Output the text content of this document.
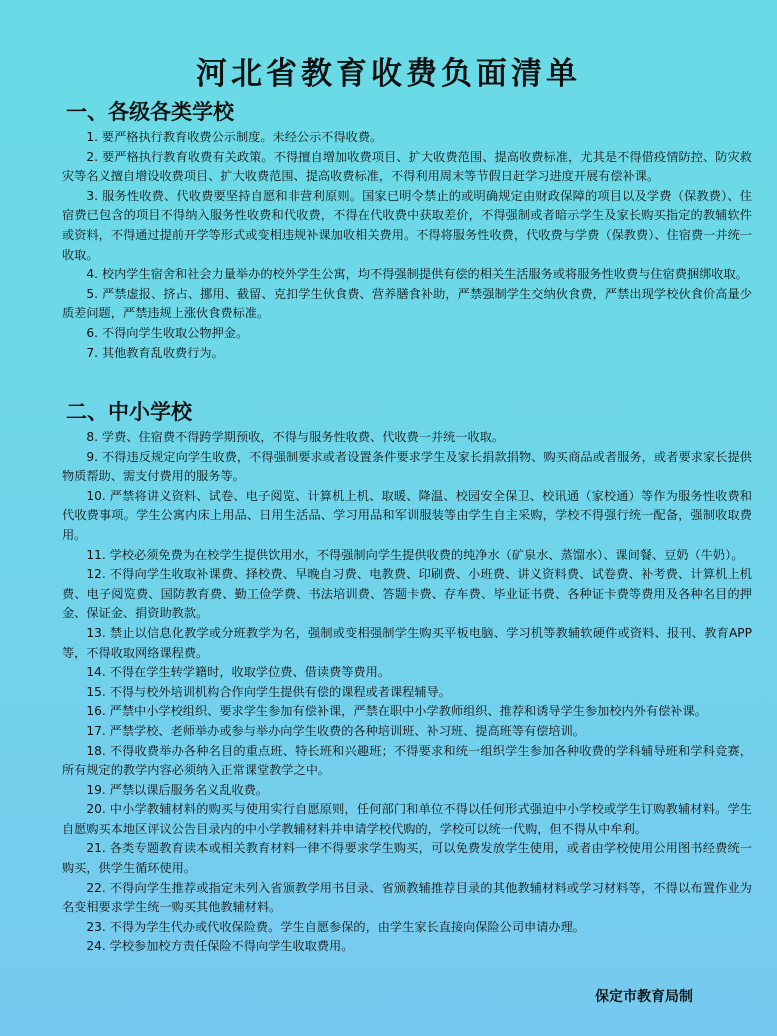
河北省教育收费负面清单
一、各级各类学校

1. 要严格执行教育收费公示制度。未经公示不得收费。

2. 要严格执行教育收费有关政策。不得擅自增加收费项目、扩大收费范围、提高收费标准，尤其是不得借疫情防控、防灾救灾等名义擅自增设收费项目、扩大收费范围、提高收费标准，不得利用周末等节假日赶学习进度开展有偿补课。

3. 服务性收费、代收费要坚持自愿和非营利原则。国家已明令禁止的或明确规定由财政保障的项目以及学费（保教费）、住宿费已包含的项目不得纳入服务性收费和代收费，不得在代收费中获取差价，不得强制或者暗示学生及家长购买指定的教辅软件或资料，不得通过提前开学等形式或变相违规补课加收相关费用。不得将服务性收费，代收费与学费（保教费）、住宿费一并统一收取。

4. 校内学生宿舍和社会力量举办的校外学生公寓，均不得强制提供有偿的相关生活服务或将服务性收费与住宿费捆绑收取。

5. 严禁虚报、挤占、挪用、截留、克扣学生伙食费、营养膳食补助，严禁强制学生交纳伙食费，严禁出现学校伙食价高量少质差问题，严禁违规上涨伙食费标准。

6. 不得向学生收取公物押金。

7. 其他教育乱收费行为。

二、中小学校

8. 学费、住宿费不得跨学期预收，不得与服务性收费、代收费一并统一收取。

9. 不得违反规定向学生收费，不得强制要求或者设置条件要求学生及家长捐款捐物、购买商品或者服务，或者要求家长提供物质帮助、需支付费用的服务等。

10. 严禁将讲义资料、试卷、电子阅览、计算机上机、取暖、降温、校园安全保卫、校讯通（家校通）等作为服务性收费和代收费事项。学生公寓内床上用品、日用生活品、学习用品和军训服装等由学生自主采购，学校不得强行统一配备，强制收取费用。

11. 学校必须免费为在校学生提供饮用水，不得强制向学生提供收费的纯净水（矿泉水、蒸馏水）、课间餐、豆奶（牛奶）。

12. 不得向学生收取补课费、择校费、早晚自习费、电教费、印刷费、小班费、讲义资料费、试卷费、补考费、计算机上机费、电子阅览费、国防教育费、勤工俭学费、书法培训费、答题卡费、存车费、毕业证书费、各种证卡费等费用及各种名目的押金、保证金、捐资助教款。

13. 禁止以信息化教学或分班教学为名，强制或变相强制学生购买平板电脑、学习机等教辅软硬件或资料、报刊、教育APP等，不得收取网络课程费。

14. 不得在学生转学籍时，收取学位费、借读费等费用。

15. 不得与校外培训机构合作向学生提供有偿的课程或者课程辅导。

16. 严禁中小学校组织、要求学生参加有偿补课，严禁在职中小学教师组织、推荐和诱导学生参加校内外有偿补课。

17. 严禁学校、老师举办或参与举办向学生收费的各种培训班、补习班、提高班等有偿培训。

18. 不得收费举办各种名目的重点班、特长班和兴趣班；不得要求和统一组织学生参加各种收费的学科辅导班和学科竞赛，所有规定的教学内容必须纳入正常课堂教学之中。

19. 严禁以课后服务名义乱收费。

20. 中小学教辅材料的购买与使用实行自愿原则，任何部门和单位不得以任何形式强迫中小学校或学生订购教辅材料。学生自愿购买本地区评议公告目录内的中小学教辅材料并申请学校代购的，学校可以统一代购，但不得从中牟利。

21. 各类专题教育读本或相关教育材料一律不得要求学生购买，可以免费发放学生使用，或者由学校使用公用图书经费统一购买，供学生循环使用。

22. 不得向学生推荐或指定未列入省颁教学用书目录、省颁教辅推荐目录的其他教辅材料或学习材料等，不得以布置作业为名变相要求学生统一购买其他教辅材料。

23. 不得为学生代办或代收保险费。学生自愿参保的，由学生家长直接向保险公司申请办理。

24. 学校参加校方责任保险不得向学生收取费用。

保定市教育局制
